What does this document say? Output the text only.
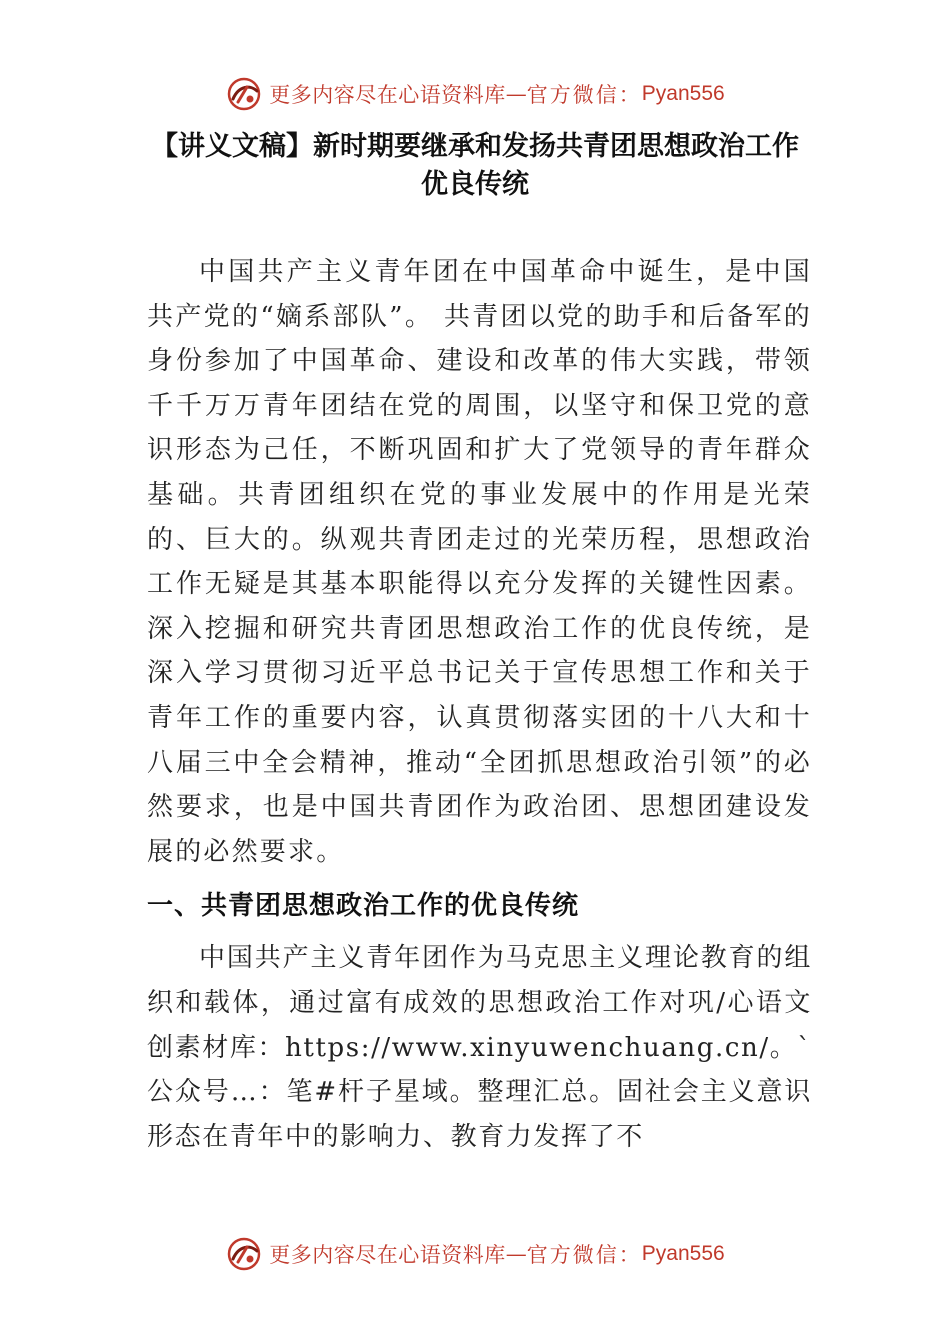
更多内容尽在心语资料库 — 官方微信： Pyan556
【讲义文稿】新时期要继承和发扬共青团思想政治工作
优良传统

中国共产主义青年团在中国革命中诞生，是中国共产党的“嫡系部队”。 共青团以党的助手和后备军的身份参加了中国革命、建设和改革的伟大实践，带领千千万万青年团结在党的周围，以坚守和保卫党的意识形态为己任，不断巩固和扩大了党领导的青年群众基础。共青团组织在党的事业发展中的作用是光荣的、巨大的。纵观共青团走过的光荣历程，思想政治工作无疑是其基本职能得以充分发挥的关键性因素。深入挖掘和研究共青团思想政治工作的优良传统，是深入学习贯彻习近平总书记关于宣传思想工作和关于青年工作的重要内容，认真贯彻落实团的十八大和十八届三中全会精神，推动“全团抓思想政治引领”的必然要求，也是中国共青团作为政治团、思想团建设发展的必然要求。

一、共青团思想政治工作的优良传统

中国共产主义青年团作为马克思主义理论教育的组织和载体，通过富有成效的思想政治工作对巩/心语文创素材库：https://www.xinyuwenchuang.cn/。`公众号…：笔#杆子星域。整理汇总。固社会主义意识形态在青年中的影响力、教育力发挥了不

更多内容尽在心语资料库 — 官方微信： Pyan556
